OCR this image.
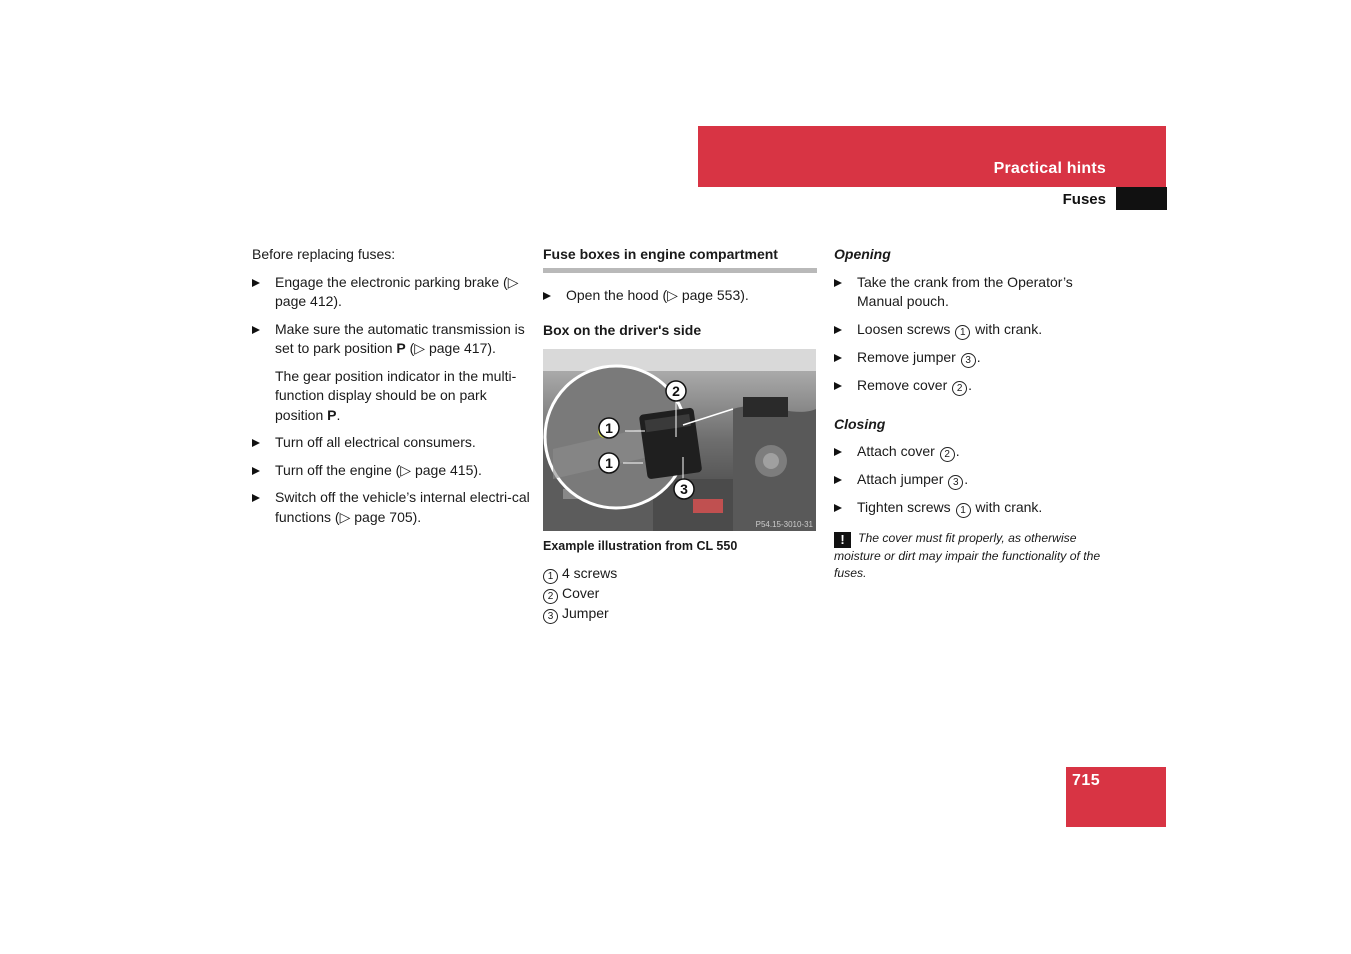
Practical hints
Fuses

Before replacing fuses:

Engage the electronic parking brake (▷ page 412).
Make sure the automatic transmission is set to park position P (▷ page 417).

The gear position indicator in the multi-function display should be on park position P.

Turn off all electrical consumers.
Turn off the engine (▷ page 415).
Switch off the vehicle’s internal electri-cal functions (▷ page 705).
Fuse boxes in engine compartment
Open the hood (▷ page 553).
Box on the driver's side
2
1
1
3
P54.15-3010-31
Example illustration from CL 550
1 4 screws
2 Cover
3 Jumper
Opening
Take the crank from the Operator’s Manual pouch.
Loosen screws 1 with crank.
Remove jumper 3 .
Remove cover 2 .
Closing
Attach cover 2 .
Attach jumper 3 .
Tighten screws 1 with crank.
! The cover must fit properly, as otherwise moisture or dirt may impair the functionality of the fuses.
715
